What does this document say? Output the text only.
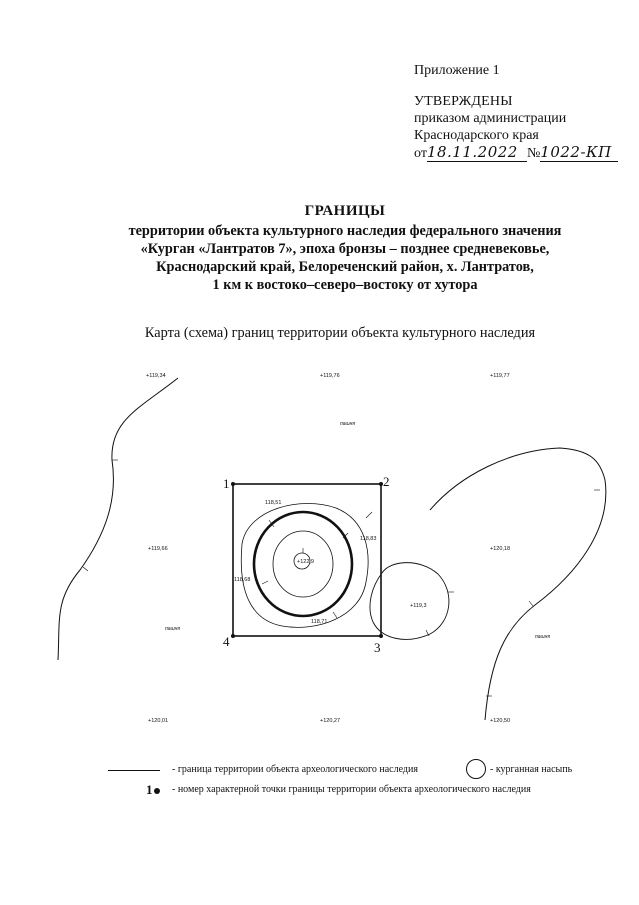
Приложение 1
УТВЕРЖДЕНЫ
приказом администрации
Краснодарского края
от18.11.2022 №1022-КП
ГРАНИЦЫ
территории объекта культурного наследия федерального значения
«Курган «Лантратов 7», эпоха бронзы – позднее средневековье,
Краснодарский край, Белореченский район, х. Лантратов,
1 км к востоко–северо–востоку от хутора
Карта (схема) границ территории объекта культурного наследия
1	2
3
4
+119,34	+119,76	+119,77
+119,66	+120,18
+120,01	+120,27	+120,50
+119,3
+122,9
118,51
118,83
118,68
118,71
пашня
пашня
пашня
- граница территории объекта археологического наследия	- курганная насыпь
1	- номер характерной точки границы территории объекта археологического наследия
